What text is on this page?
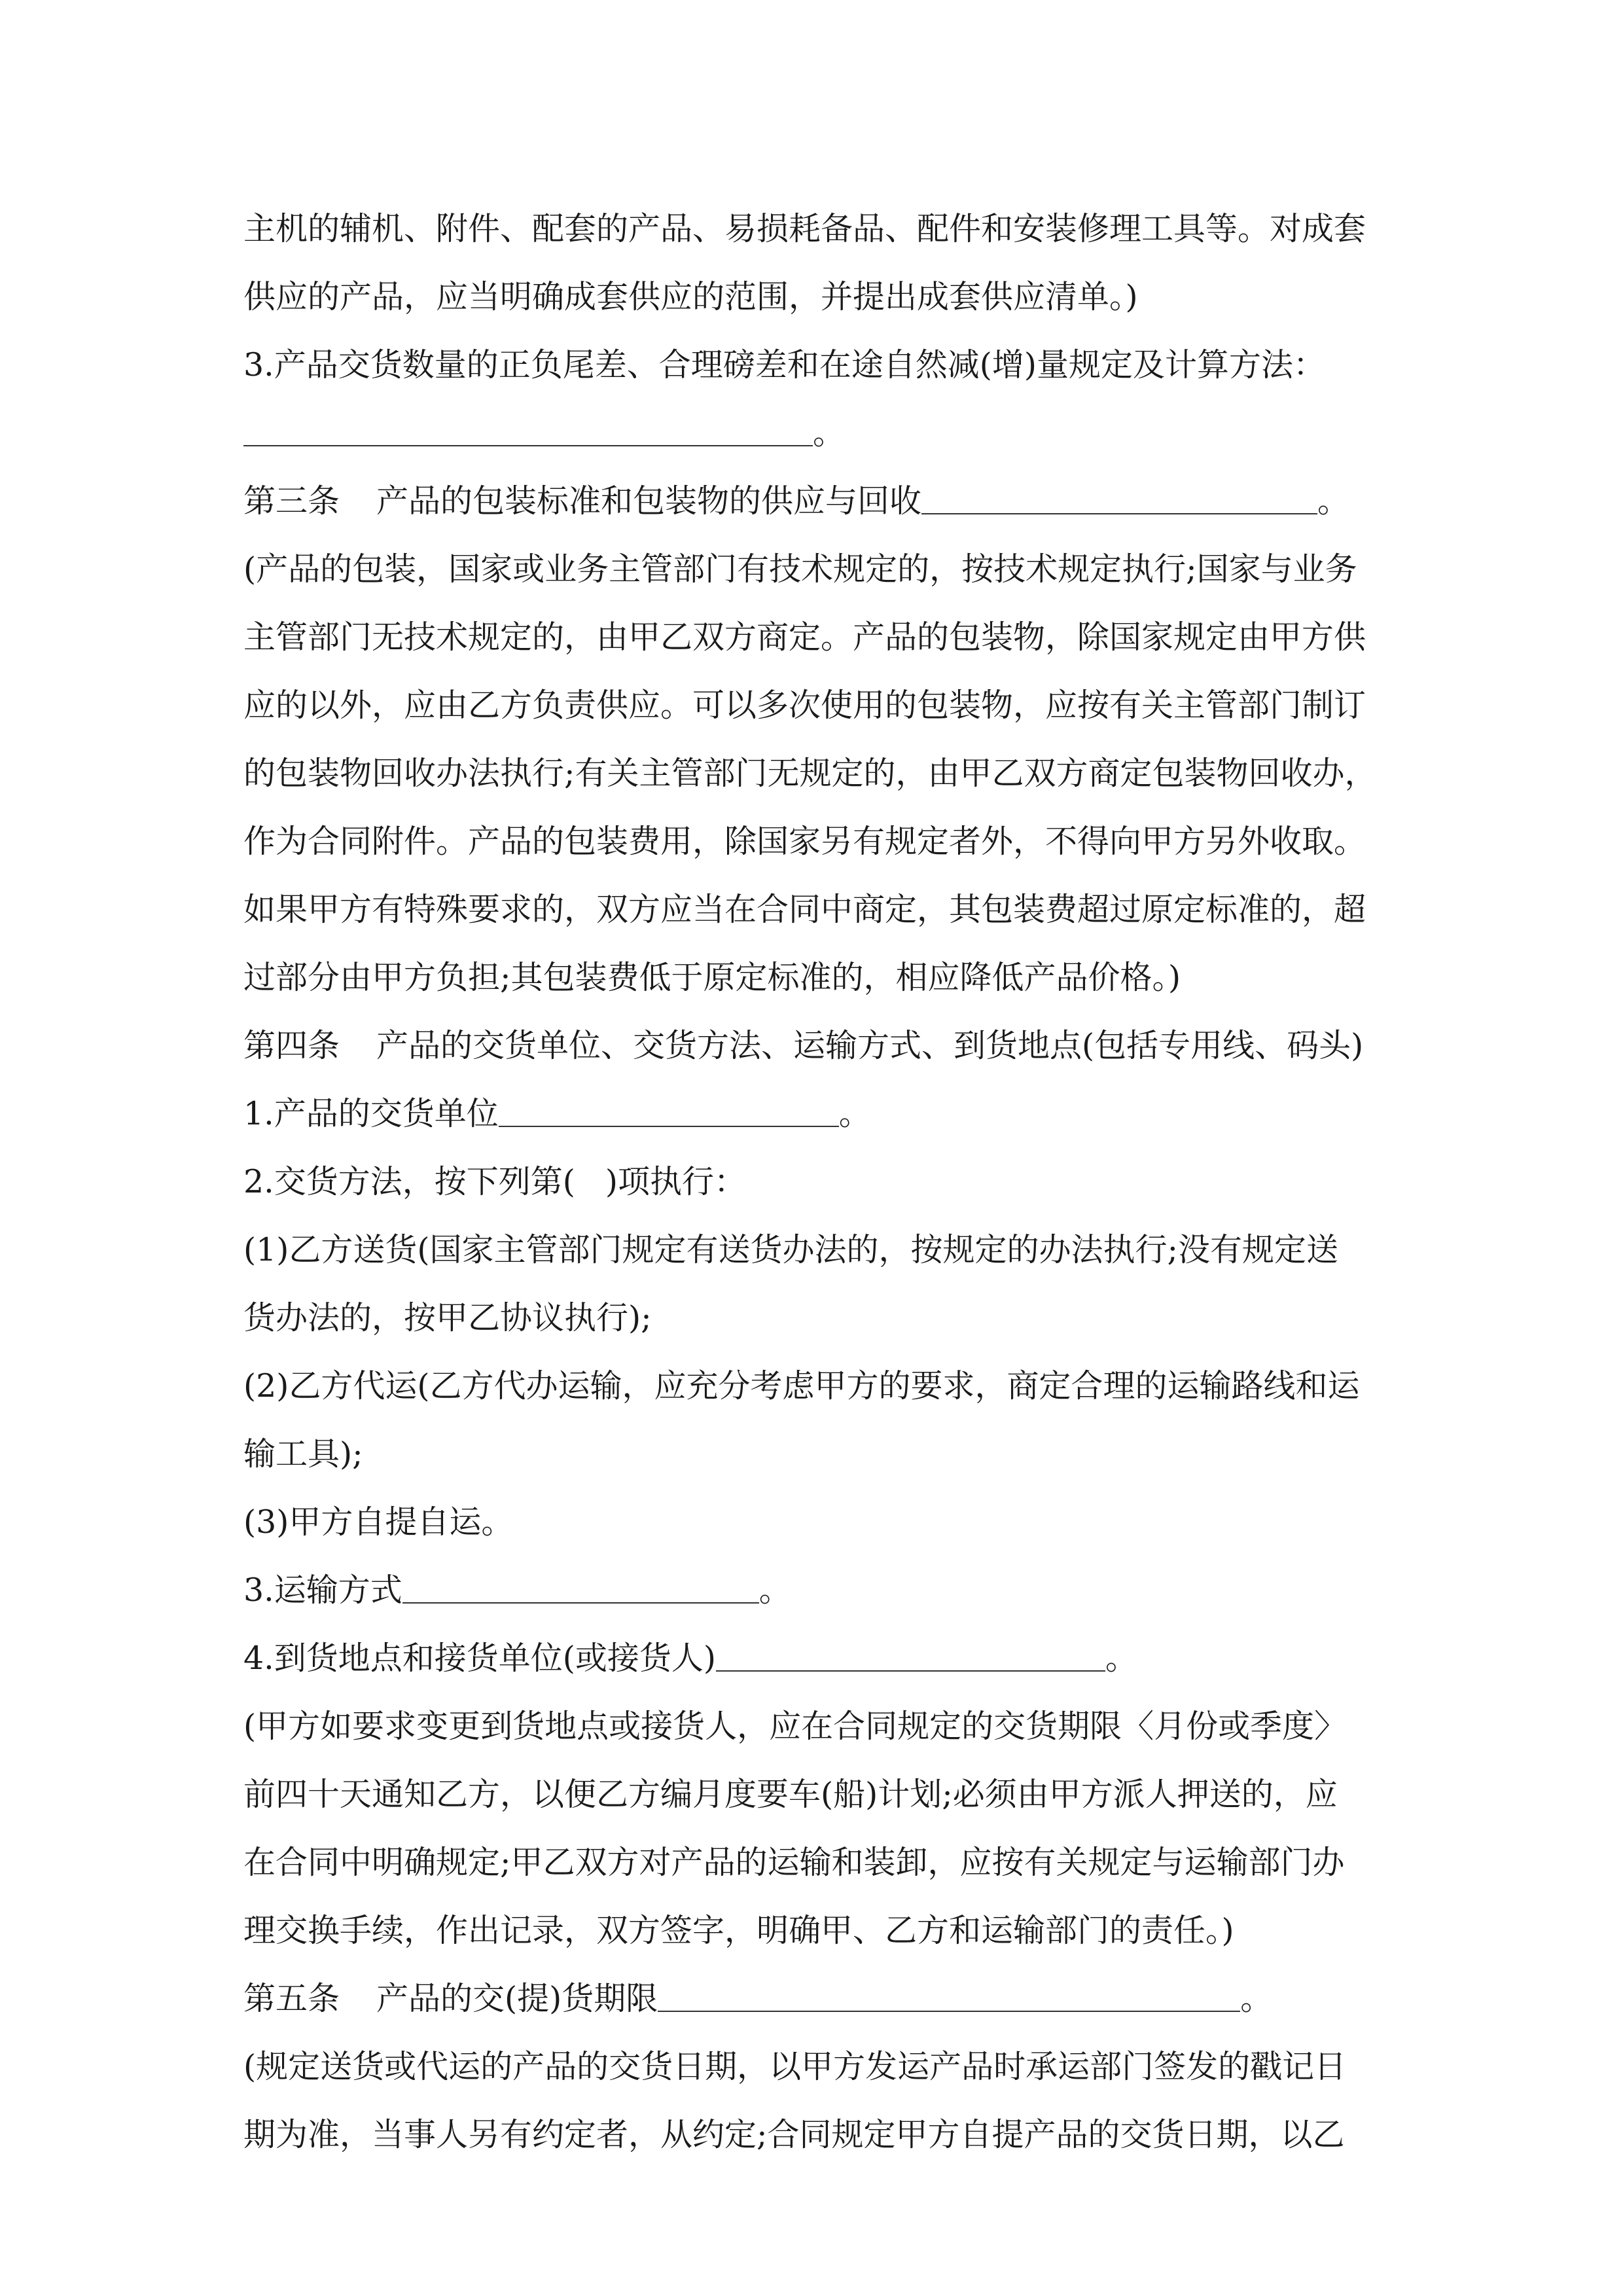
主机的辅机、附件、配套的产品、易损耗备品、配件和安装修理工具等。对成套
供应的产品，应当明确成套供应的范围，并提出成套供应清单。)
3.产品交货数量的正负尾差、合理磅差和在途自然减(增)量规定及计算方法：
。
第三条 产品的包装标准和包装物的供应与回收	。
(产品的包装，国家或业务主管部门有技术规定的，按技术规定执行;国家与业务
主管部门无技术规定的，由甲乙双方商定。产品的包装物，除国家规定由甲方供
应的以外，应由乙方负责供应。可以多次使用的包装物，应按有关主管部门制订
的包装物回收办法执行;有关主管部门无规定的，由甲乙双方商定包装物回收办，
作为合同附件。产品的包装费用，除国家另有规定者外，不得向甲方另外收取。
如果甲方有特殊要求的，双方应当在合同中商定，其包装费超过原定标准的，超
过部分由甲方负担;其包装费低于原定标准的，相应降低产品价格。)
第四条 产品的交货单位、交货方法、运输方式、到货地点(包括专用线、码头)
1.产品的交货单位	。
2.交货方法，按下列第( )项执行：
(1)乙方送货(国家主管部门规定有送货办法的，按规定的办法执行;没有规定送
货办法的，按甲乙协议执行);
(2)乙方代运(乙方代办运输，应充分考虑甲方的要求，商定合理的运输路线和运
输工具);
(3)甲方自提自运。
3.运输方式	。
4.到货地点和接货单位(或接货人)	。
(甲方如要求变更到货地点或接货人，应在合同规定的交货期限〈月份或季度〉
前四十天通知乙方，以便乙方编月度要车(船)计划;必须由甲方派人押送的，应
在合同中明确规定;甲乙双方对产品的运输和装卸，应按有关规定与运输部门办
理交换手续，作出记录，双方签字，明确甲、乙方和运输部门的责任。)
第五条 产品的交(提)货期限	。
(规定送货或代运的产品的交货日期，以甲方发运产品时承运部门签发的戳记日
期为准，当事人另有约定者，从约定;合同规定甲方自提产品的交货日期，以乙
